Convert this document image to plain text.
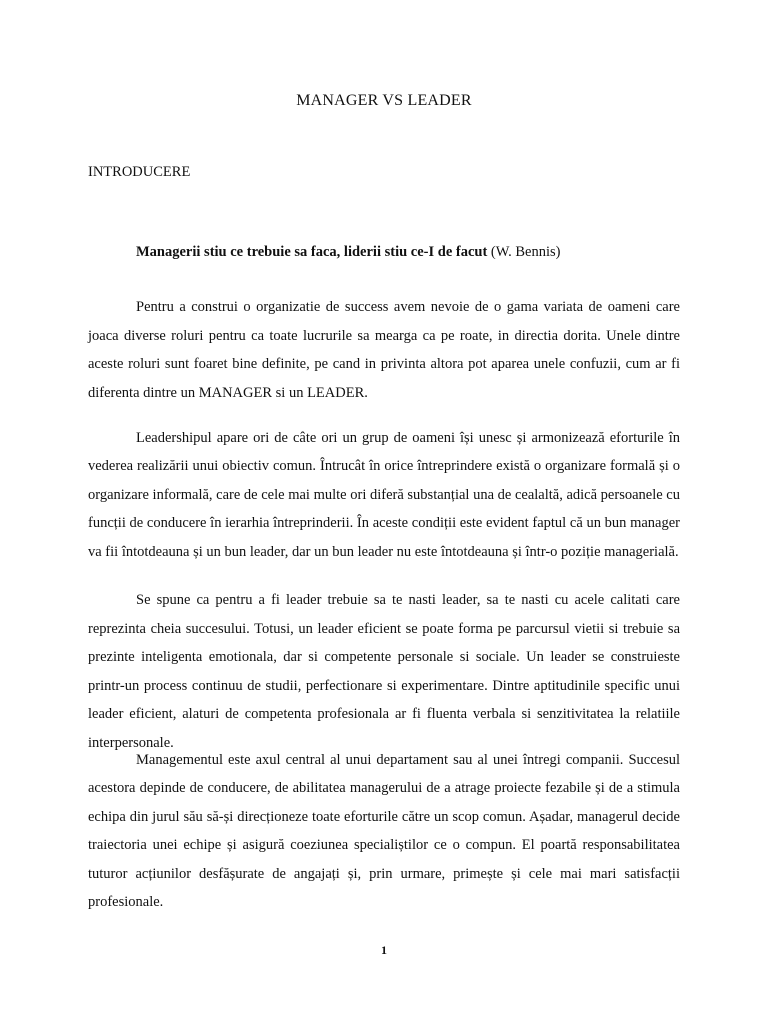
MANAGER VS LEADER
INTRODUCERE
Managerii stiu ce trebuie sa faca, liderii stiu ce-I de facut (W. Bennis)

Pentru a construi o organizatie de success avem nevoie de o gama variata de oameni care joaca diverse roluri pentru ca toate lucrurile sa mearga ca pe roate, in directia dorita. Unele dintre aceste roluri sunt foaret bine definite, pe cand in privinta altora pot aparea unele confuzii, cum ar fi diferenta dintre un MANAGER si un LEADER.

Leadershipul apare ori de câte ori un grup de oameni își unesc și armonizează eforturile în vederea realizării unui obiectiv comun. Întrucât în orice întreprindere există o organizare formală și o organizare informală, care de cele mai multe ori diferă substanțial una de cealaltă, adică persoanele cu funcții de conducere în ierarhia întreprinderii. În aceste condiții este evident faptul că un bun manager va fii întotdeauna și un bun leader, dar un bun leader nu este întotdeauna și într-o poziție managerială.

Se spune ca pentru a fi leader trebuie sa te nasti leader, sa te nasti cu acele calitati care reprezinta cheia succesului. Totusi, un leader eficient se poate forma pe parcursul vietii si trebuie sa prezinte inteligenta emotionala, dar si competente personale si sociale. Un leader se construieste printr-un process continuu de studii, perfectionare si experimentare. Dintre aptitudinile specific unui leader eficient, alaturi de competenta profesionala ar fi fluenta verbala si senzitivitatea la relatiile interpersonale.

Managementul este axul central al unui departament sau al unei întregi companii. Succesul acestora depinde de conducere, de abilitatea managerului de a atrage proiecte fezabile și de a stimula echipa din jurul său să-și direcționeze toate eforturile către un scop comun. Așadar, managerul decide traiectoria unei echipe și asigură coeziunea specialiștilor ce o compun. El poartă responsabilitatea tuturor acțiunilor desfășurate de angajați și, prin urmare, primește și cele mai mari satisfacții profesionale.

1
